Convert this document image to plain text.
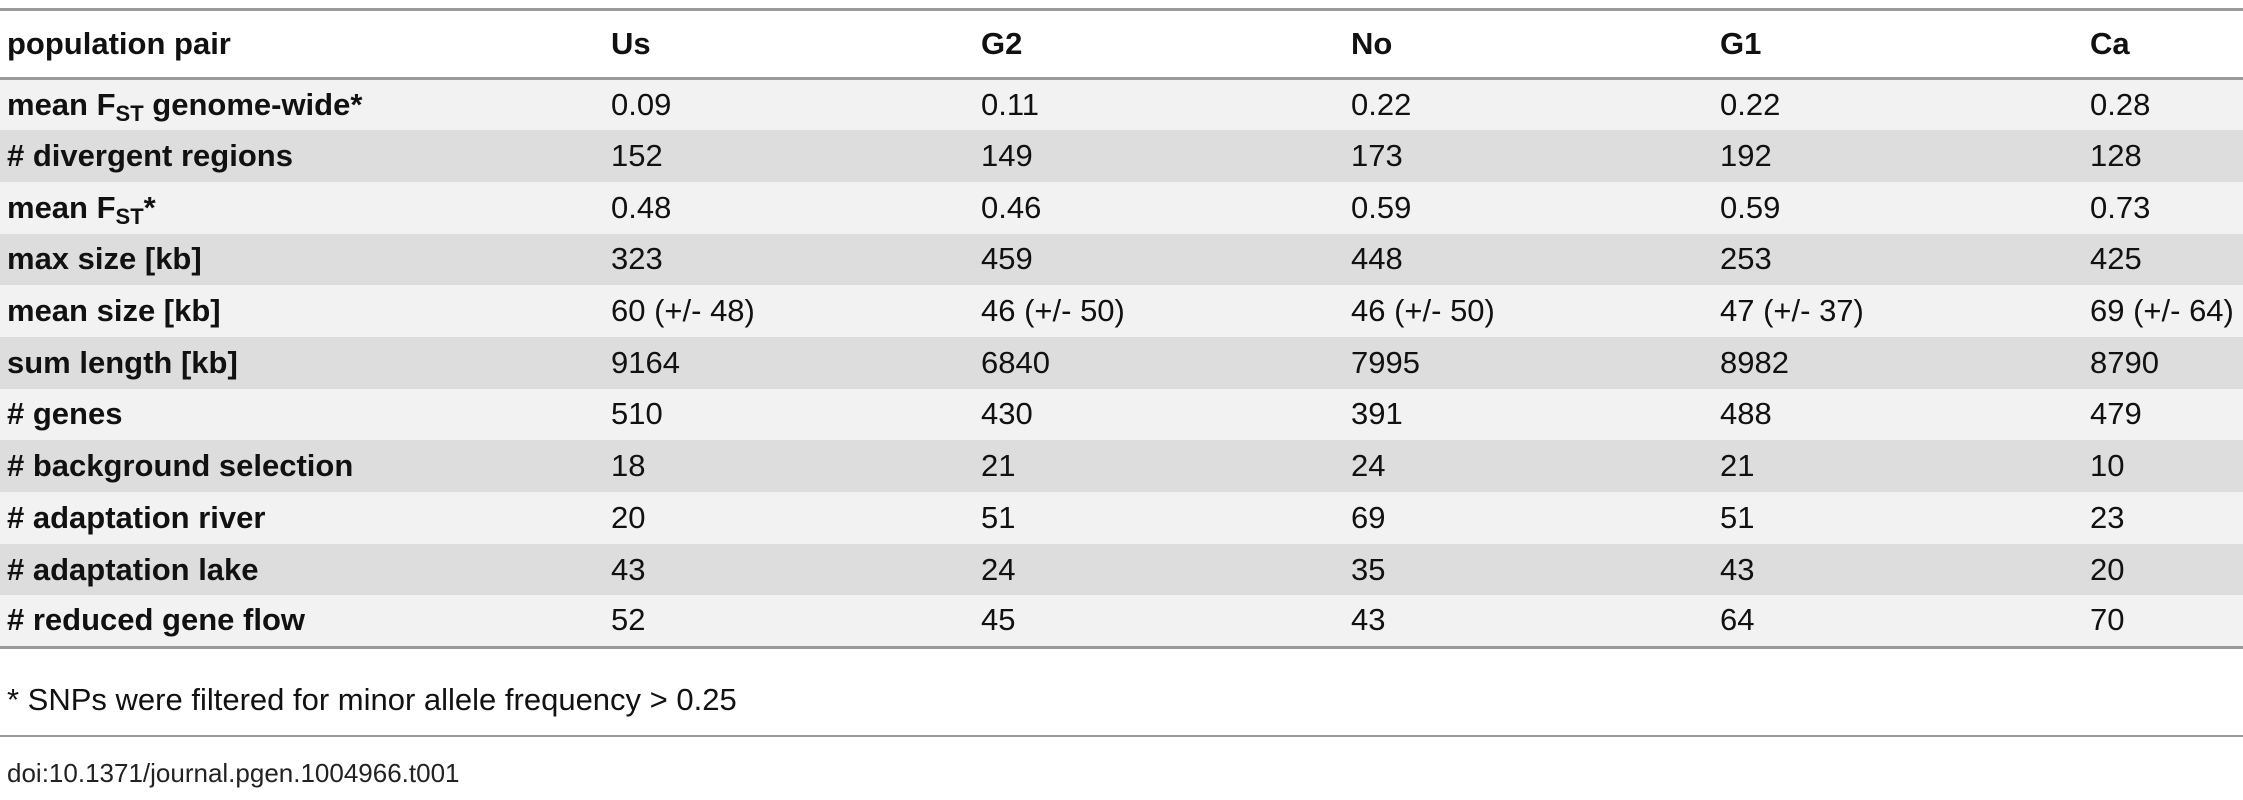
population pair	Us	G2	No	G1	Ca
mean FST genome-wide*	0.09	0.11	0.22	0.22	0.28
# divergent regions	152	149	173	192	128
mean FST*	0.48	0.46	0.59	0.59	0.73
max size [kb]	323	459	448	253	425
mean size [kb]	60 (+/- 48)	46 (+/- 50)	46 (+/- 50)	47 (+/- 37)	69 (+/- 64)
sum length [kb]	9164	6840	7995	8982	8790
# genes	510	430	391	488	479
# background selection	18	21	24	21	10
# adaptation river	20	51	69	51	23
# adaptation lake	43	24	35	43	20
# reduced gene flow	52	45	43	64	70
* SNPs were filtered for minor allele frequency > 0.25
doi:10.1371/journal.pgen.1004966.t001
